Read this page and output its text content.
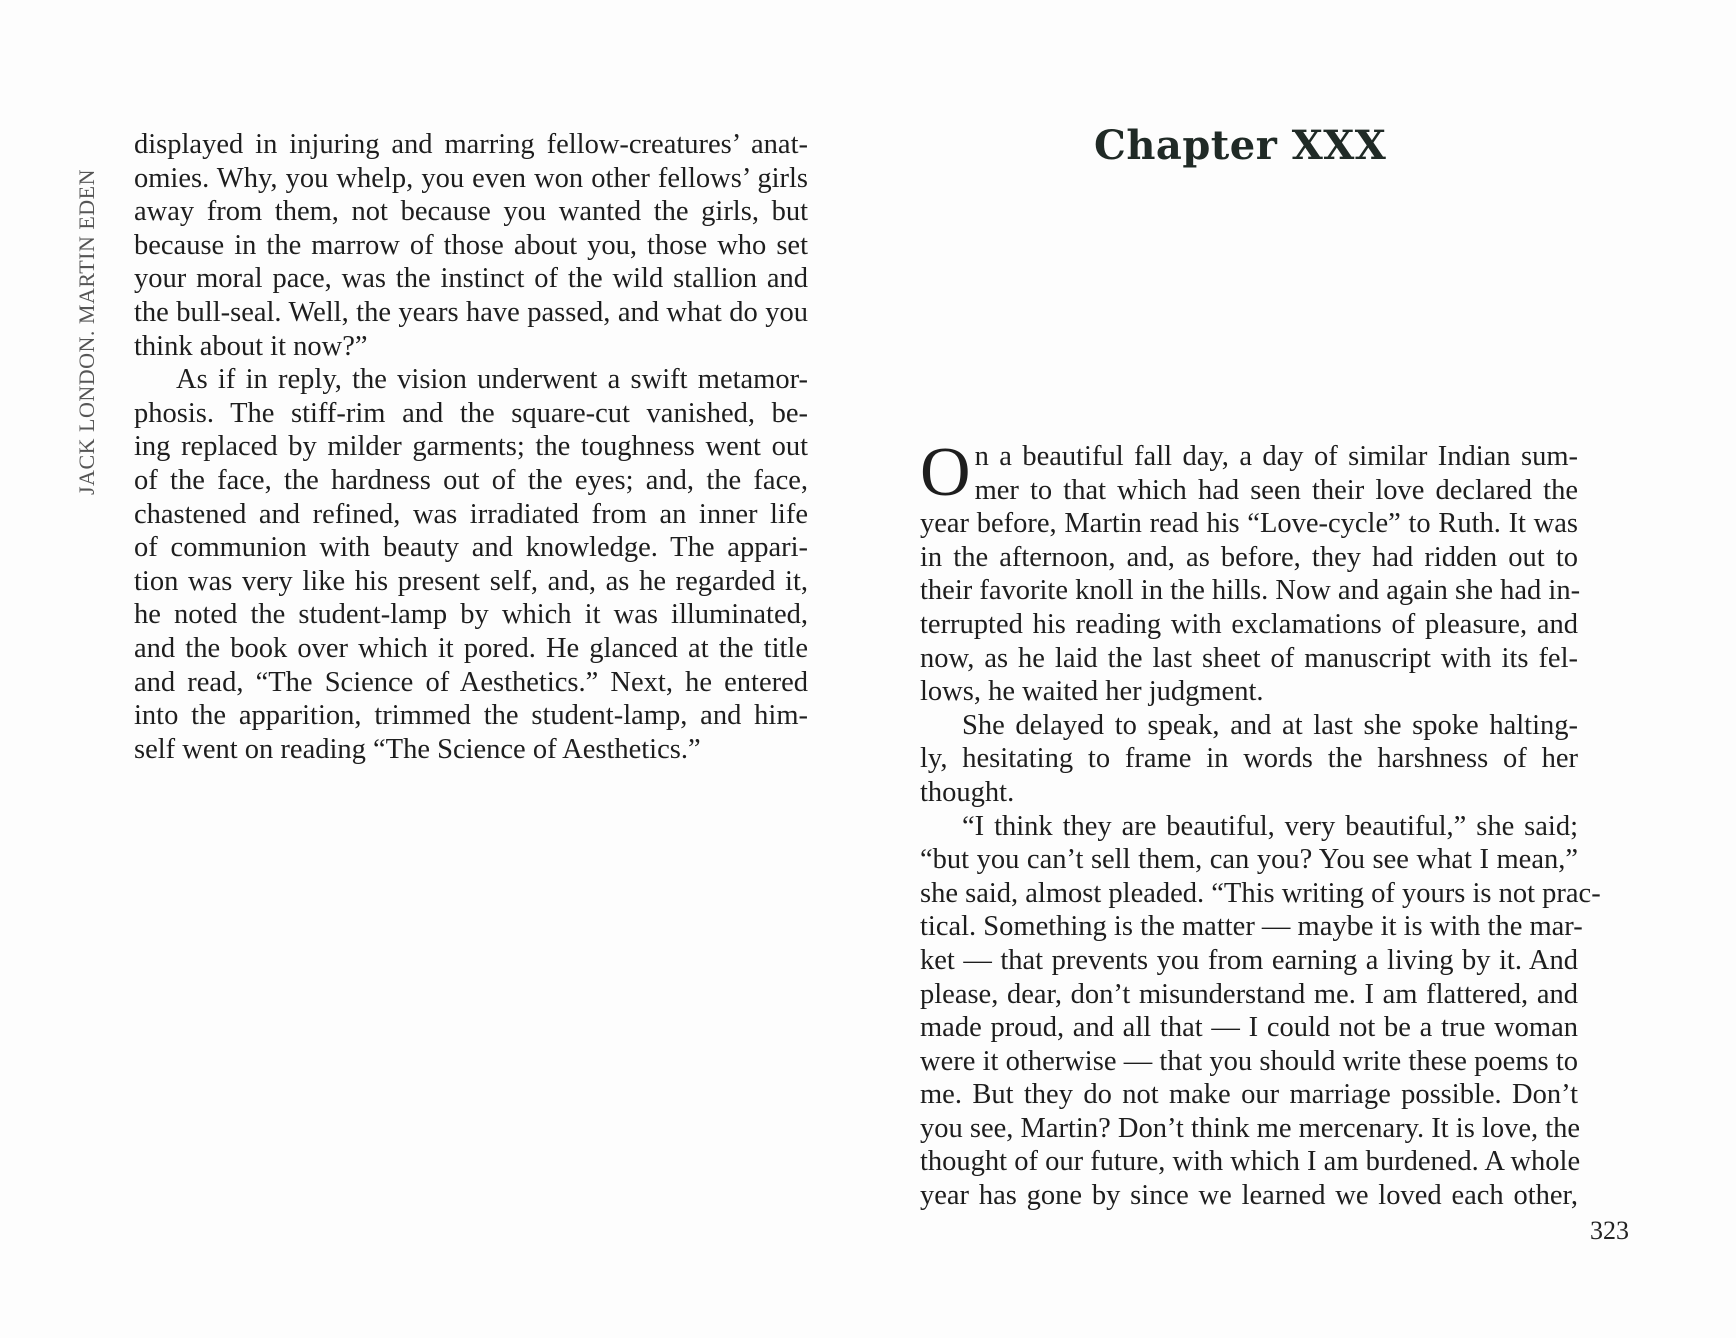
JACK LONDON. MARTIN EDEN
displayed in injuring and marring fellow-creatures’ anat-
omies. Why, you whelp, you even won other fellows’ girls
away from them, not because you wanted the girls, but
because in the marrow of those about you, those who set
your moral pace, was the instinct of the wild stallion and
the bull-seal. Well, the years have passed, and what do you
think about it now?”
As if in reply, the vision underwent a swift metamor-
phosis. The stiff-rim and the square-cut vanished, be-
ing replaced by milder garments; the toughness went out
of the face, the hardness out of the eyes; and, the face,
chastened and refined, was irradiated from an inner life
of communion with beauty and knowledge. The appari-
tion was very like his present self, and, as he regarded it,
he noted the student-lamp by which it was illuminated,
and the book over which it pored. He glanced at the title
and read, “The Science of Aesthetics.” Next, he entered
into the apparition, trimmed the student-lamp, and him-
self went on reading “The Science of Aesthetics.”
Chapter XXX
O n a beautiful fall day, a day of similar Indian sum-
mer to that which had seen their love declared the
year before, Martin read his “Love-cycle” to Ruth. It was
in the afternoon, and, as before, they had ridden out to
their favorite knoll in the hills. Now and again she had in-
terrupted his reading with exclamations of pleasure, and
now, as he laid the last sheet of manuscript with its fel-
lows, he waited her judgment.
She delayed to speak, and at last she spoke halting-
ly, hesitating to frame in words the harshness of her
thought.
“I think they are beautiful, very beautiful,” she said;
“but you can’t sell them, can you? You see what I mean,”
she said, almost pleaded. “This writing of yours is not prac-
tical. Something is the matter — maybe it is with the mar-
ket — that prevents you from earning a living by it. And
please, dear, don’t misunderstand me. I am flattered, and
made proud, and all that — I could not be a true woman
were it otherwise — that you should write these poems to
me. But they do not make our marriage possible. Don’t
you see, Martin? Don’t think me mercenary. It is love, the
thought of our future, with which I am burdened. A whole
year has gone by since we learned we loved each other,
323
